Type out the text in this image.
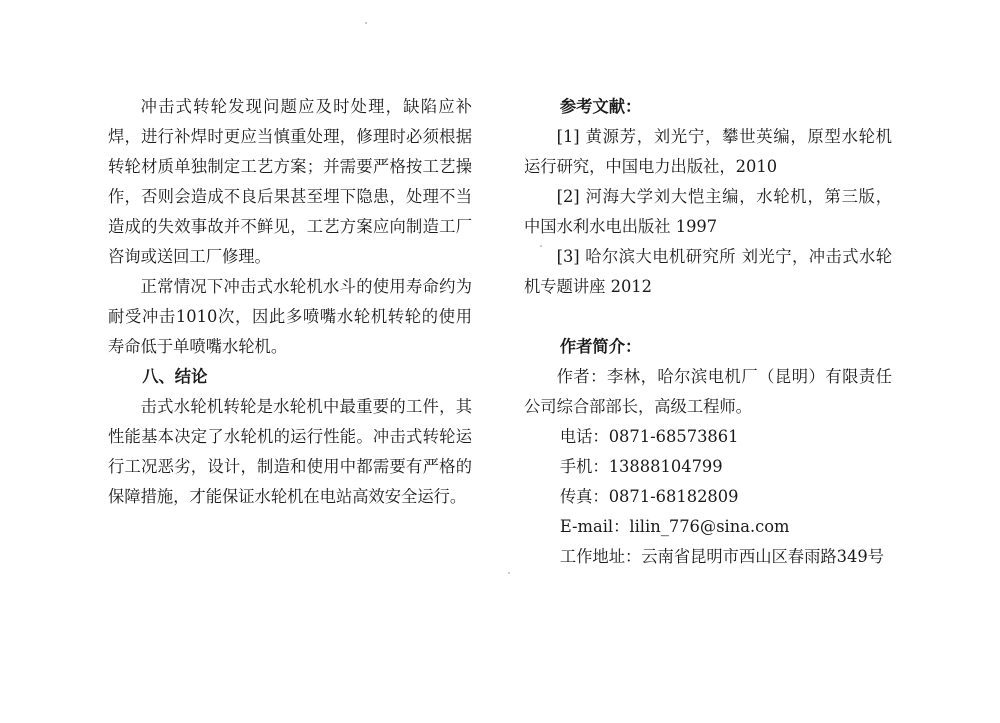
冲击式转轮发现问题应及时处理，缺陷应补焊，进行补焊时更应当慎重处理，修理时必须根据转轮材质单独制定工艺方案；并需要严格按工艺操作，否则会造成不良后果甚至埋下隐患，处理不当造成的失效事故并不鲜见，工艺方案应向制造工厂咨询或送回工厂修理。

正常情况下冲击式水轮机水斗的使用寿命约为耐受冲击1010次，因此多喷嘴水轮机转轮的使用寿命低于单喷嘴水轮机。

八、结论

击式水轮机转轮是水轮机中最重要的工件，其性能基本决定了水轮机的运行性能。冲击式转轮运行工况恶劣，设计，制造和使用中都需要有严格的保障措施，才能保证水轮机在电站高效安全运行。

参考文献：

[1] 黄源芳，刘光宁，攀世英编，原型水轮机运行研究，中国电力出版社，2010

[2] 河海大学刘大恺主编，水轮机，第三版，中国水利水电出版社 1997

[3] 哈尔滨大电机研究所 刘光宁，冲击式水轮机专题讲座 2012

作者简介：

作者：李林，哈尔滨电机厂（昆明）有限责任公司综合部部长，高级工程师。

电话：0871-68573861

手机：13888104799

传真：0871-68182809

E-mail：lilin_776@sina.com

工作地址：云南省昆明市西山区春雨路349号
